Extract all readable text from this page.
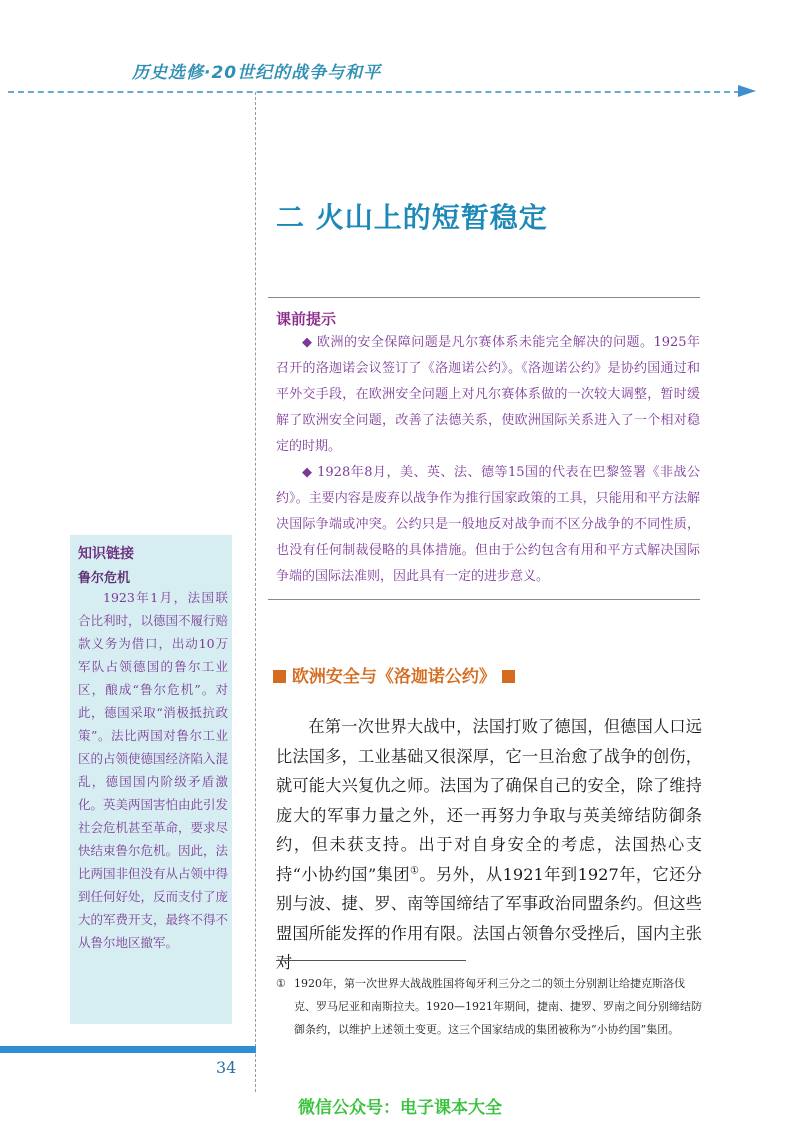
历史选修·20世纪的战争与和平
二 火山上的短暂稳定
课前提示

◆ 欧洲的安全保障问题是凡尔赛体系未能完全解决的问题。1925年召开的洛迦诺会议签订了《洛迦诺公约》。《洛迦诺公约》是协约国通过和平外交手段，在欧洲安全问题上对凡尔赛体系做的一次较大调整，暂时缓解了欧洲安全问题，改善了法德关系，使欧洲国际关系进入了一个相对稳定的时期。

◆ 1928年8月，美、英、法、德等15国的代表在巴黎签署《非战公约》。主要内容是废弃以战争作为推行国家政策的工具，只能用和平方法解决国际争端或冲突。公约只是一般地反对战争而不区分战争的不同性质，也没有任何制裁侵略的具体措施。但由于公约包含有用和平方式解决国际争端的国际法准则，因此具有一定的进步意义。

知识链接
鲁尔危机

1923年1月，法国联合比利时，以德国不履行赔款义务为借口，出动10万军队占领德国的鲁尔工业区，酿成“鲁尔危机”。对此，德国采取“消极抵抗政策”。法比两国对鲁尔工业区的占领使德国经济陷入混乱，德国国内阶级矛盾激化。英美两国害怕由此引发社会危机甚至革命，要求尽快结束鲁尔危机。因此，法比两国非但没有从占领中得到任何好处，反而支付了庞大的军费开支，最终不得不从鲁尔地区撤军。

欧洲安全与《洛迦诺公约》

在第一次世界大战中，法国打败了德国，但德国人口远比法国多，工业基础又很深厚，它一旦治愈了战争的创伤，就可能大兴复仇之师。法国为了确保自己的安全，除了维持庞大的军事力量之外，还一再努力争取与英美缔结防御条约，但未获支持。出于对自身安全的考虑，法国热心支持“小协约国”集团①。另外，从1921年到1927年，它还分别与波、捷、罗、南等国缔结了军事政治同盟条约。但这些盟国所能发挥的作用有限。法国占领鲁尔受挫后，国内主张对

① 1920年，第一次世界大战战胜国将匈牙利三分之二的领土分别割让给捷克斯洛伐克、罗马尼亚和南斯拉夫。1920—1921年期间，捷南、捷罗、罗南之间分别缔结防御条约，以维护上述领土变更。这三个国家结成的集团被称为“小协约国”集团。
34
微信公众号：电子课本大全
